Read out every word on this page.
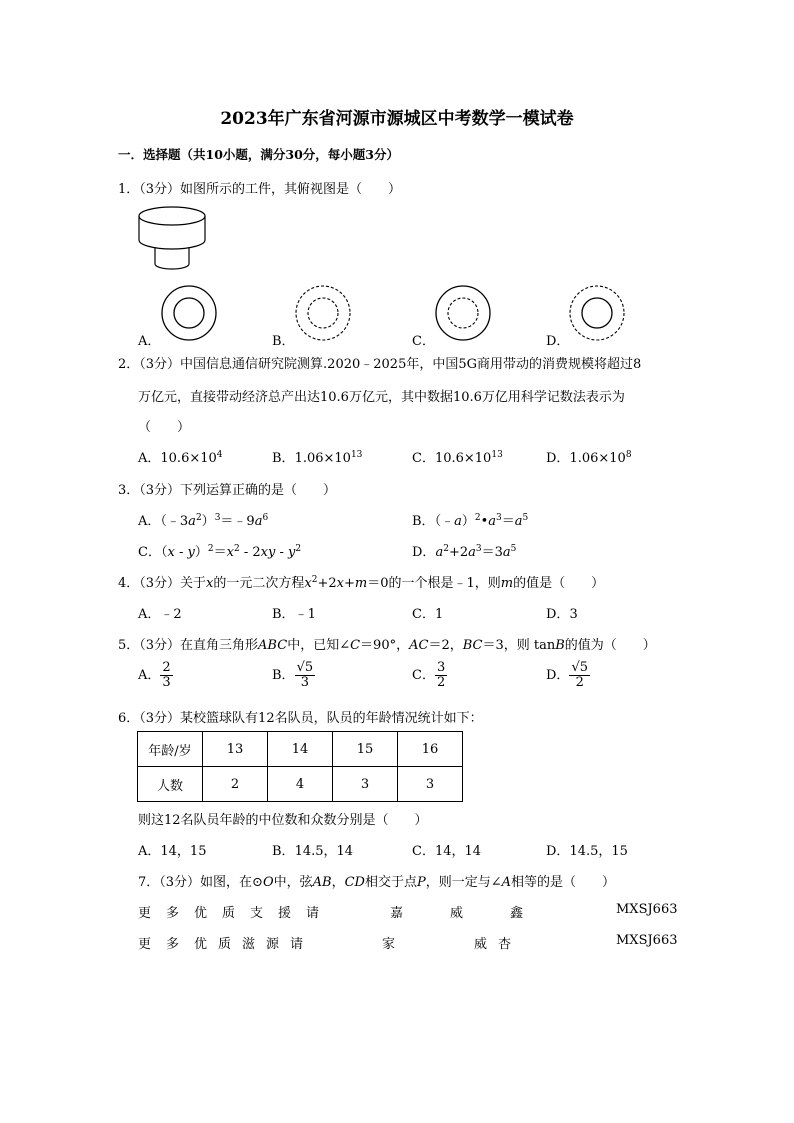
2023年广东省河源市源城区中考数学一模试卷
一．选择题（共10小题，满分30分，每小题3分）
1．（3分）如图所示的工件，其俯视图是（　　）
A．	B．	C．	D．
2．（3分）中国信息通信研究院测算.2020﹣2025年，中国5G商用带动的消费规模将超过8
万亿元，直接带动经济总产出达10.6万亿元，其中数据10.6万亿用科学记数法表示为
（　　）
A．$10.6\times 10^4$	B．$1.06\times 10^{13}$	C．$10.6\times 10^{13}$	D．$1.06\times 10^8$
3．（3分）下列运算正确的是（　　）
A．$(﹣3a^2)^3=﹣9a^6$	B．$(﹣a)^2•a^3=a^5$
C．$(x - y)^2=x^2 - 2xy - y^2$	D．$a^2+2a^3=3a^5$
4．（3分）关于x的一元二次方程$x^2+2x+m=0$的一个根是﹣1，则m的值是（　　）
A．﹣2	B．﹣1	C．1	D．3
5．（3分）在直角三角形ABC中，已知∠C＝90°，AC＝2，BC＝3，则 tanB的值为（　　）
A． $\frac{2}{3}$	B． $\frac{√5}{3}$	C． $\frac{3}{2}$	D． $\frac{√5}{2}$
6．（3分）某校篮球队有12名队员，队员的年龄情况统计如下：
年龄/岁	13	14	15	16
人数	2	4	3	3
则这12名队员年龄的中位数和众数分别是（　　）
A．14，15	B．14.5，14	C．14，14	D．14.5，15
7．（3分）如图，在⊙O中，弦AB，CD相交于点P，则一定与∠A相等的是（　　）
更 多 优 质 支 援 请	嘉	威	鑫	MXSJ663
更 多 优 质 滋 源 请	家	威 杏	MXSJ663
